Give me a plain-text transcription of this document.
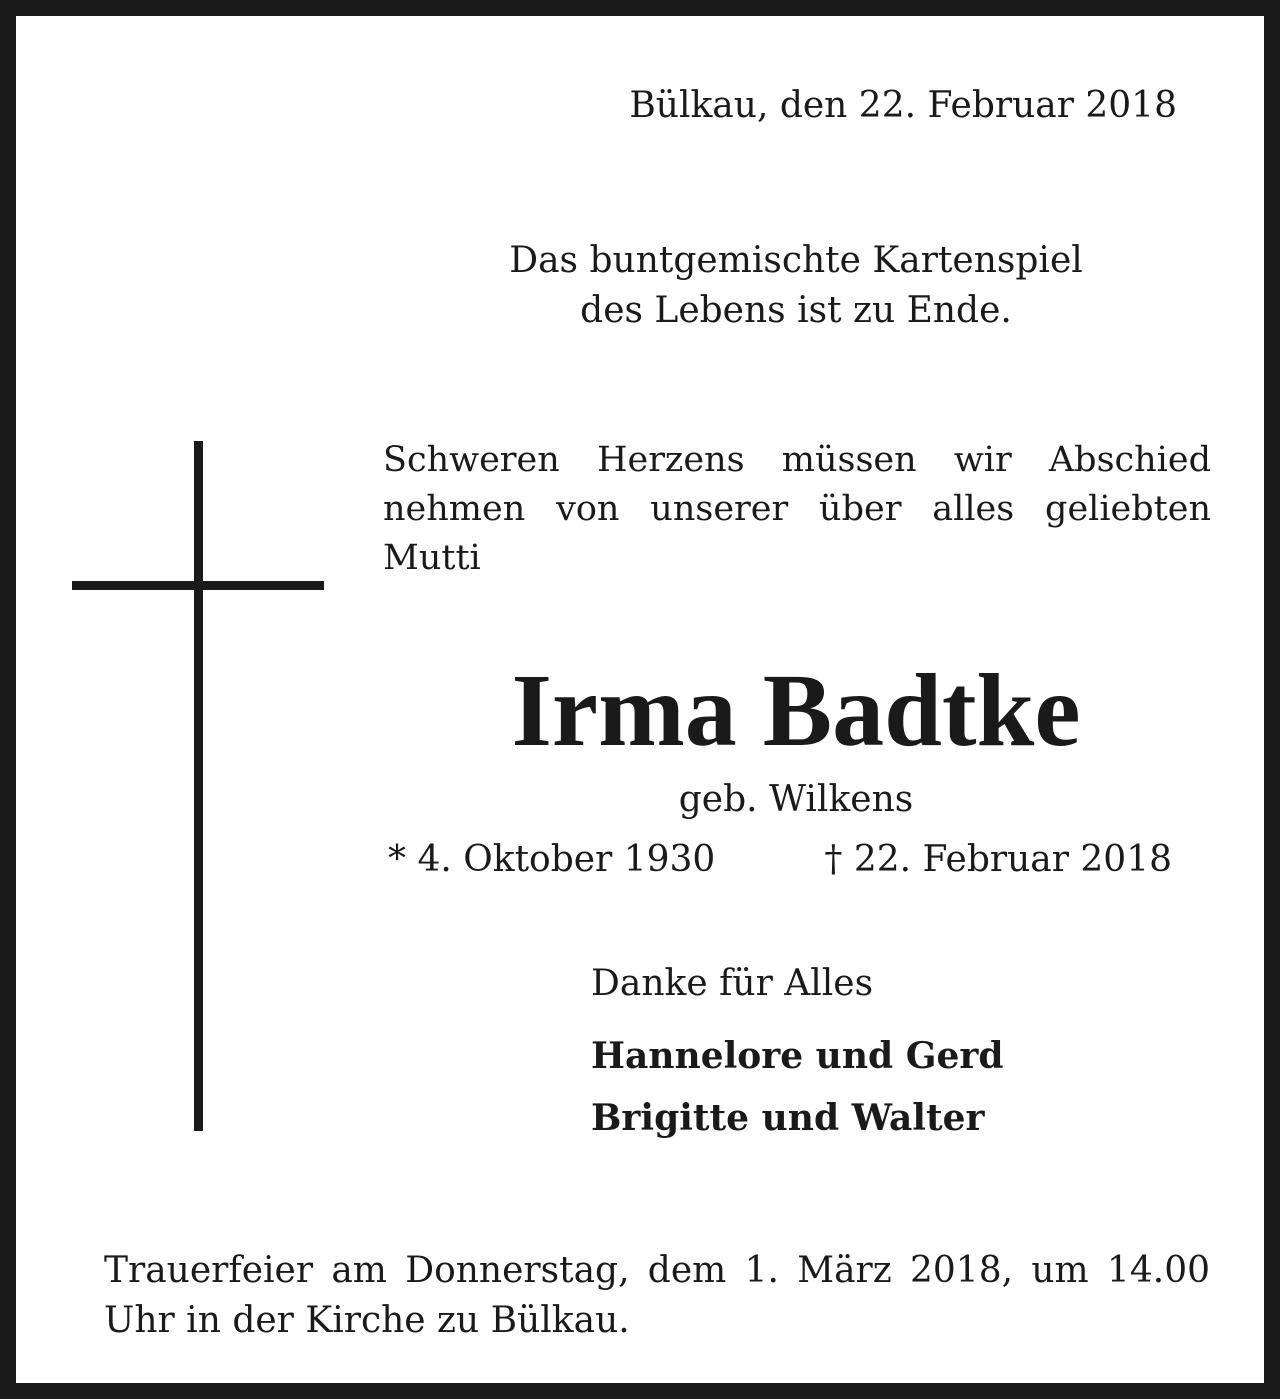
Bülkau, den 22. Februar 2018

Das buntgemischte Kartenspiel
des Lebens ist zu Ende.
Schweren Herzens müssen wir Abschied
nehmen von unserer über alles geliebten
Mutti
Irma Badtke

geb. Wilkens

* 4. Oktober 1930	† 22. Februar 2018

Danke für Alles

Hannelore und Gerd

Brigitte und Walter

Trauerfeier am Donnerstag, dem 1. März 2018, um 14.00
Uhr in der Kirche zu Bülkau.
